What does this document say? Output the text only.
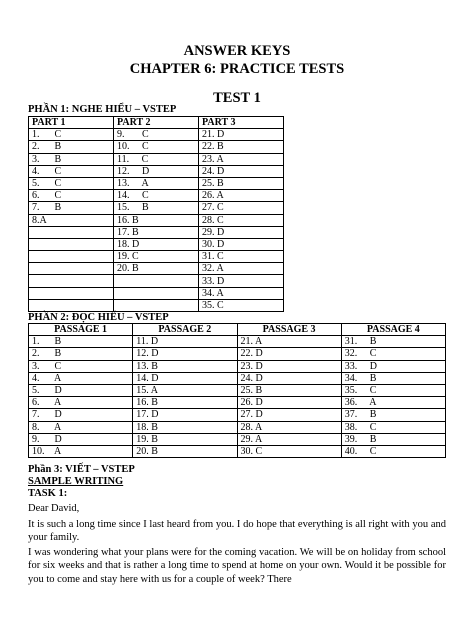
ANSWER KEYS
CHAPTER 6: PRACTICE TESTS
TEST 1
PHẦN 1: NGHE HIỂU – VSTEP
PART 1	PART 2	PART 3
1.      C	9.       C	21. D
2.      B	10.     C	22. B
3.      B	11.     C	23. A
4.      C	12.     D	24. D
5.      C	13.     A	25. B
6.      C	14.     C	26. A
7.      B	15.     B	27. C
8.A	16. B	28. C
	17. B	29. D
	18. D	30. D
	19. C	31. C
	20. B	32. A
		33. D
		34. A
		35. C
PHẦN 2: ĐỌC HIỂU – VSTEP
PASSAGE 1	PASSAGE 2	PASSAGE 3	PASSAGE 4
1.      B	11. D	21. A	31.     B
2.      B	12. D	22. D	32.     C
3.      C	13. B	23. D	33.     D
4.      A	14. D	24. D	34.     B
5.      D	15. A	25. B	35.     C
6.      A	16. B	26. D	36.     A
7.      D	17. D	27. D	37.     B
8.      A	18. B	28. A	38.     C
9.      D	19. B	29. A	39.     B
10.    A	20. B	30. C	40.     C
Phần 3: VIẾT – VSTEP
SAMPLE WRITING
TASK 1:
Dear David,
It is such a long time since I last heard from you. I do hope that everything is all right with you and your family.
I was wondering what your plans were for the coming vacation. We will be on holiday from school for six weeks and that is rather a long time to spend at home on your own. Would it be possible for you to come and stay here with us for a couple of week? There
